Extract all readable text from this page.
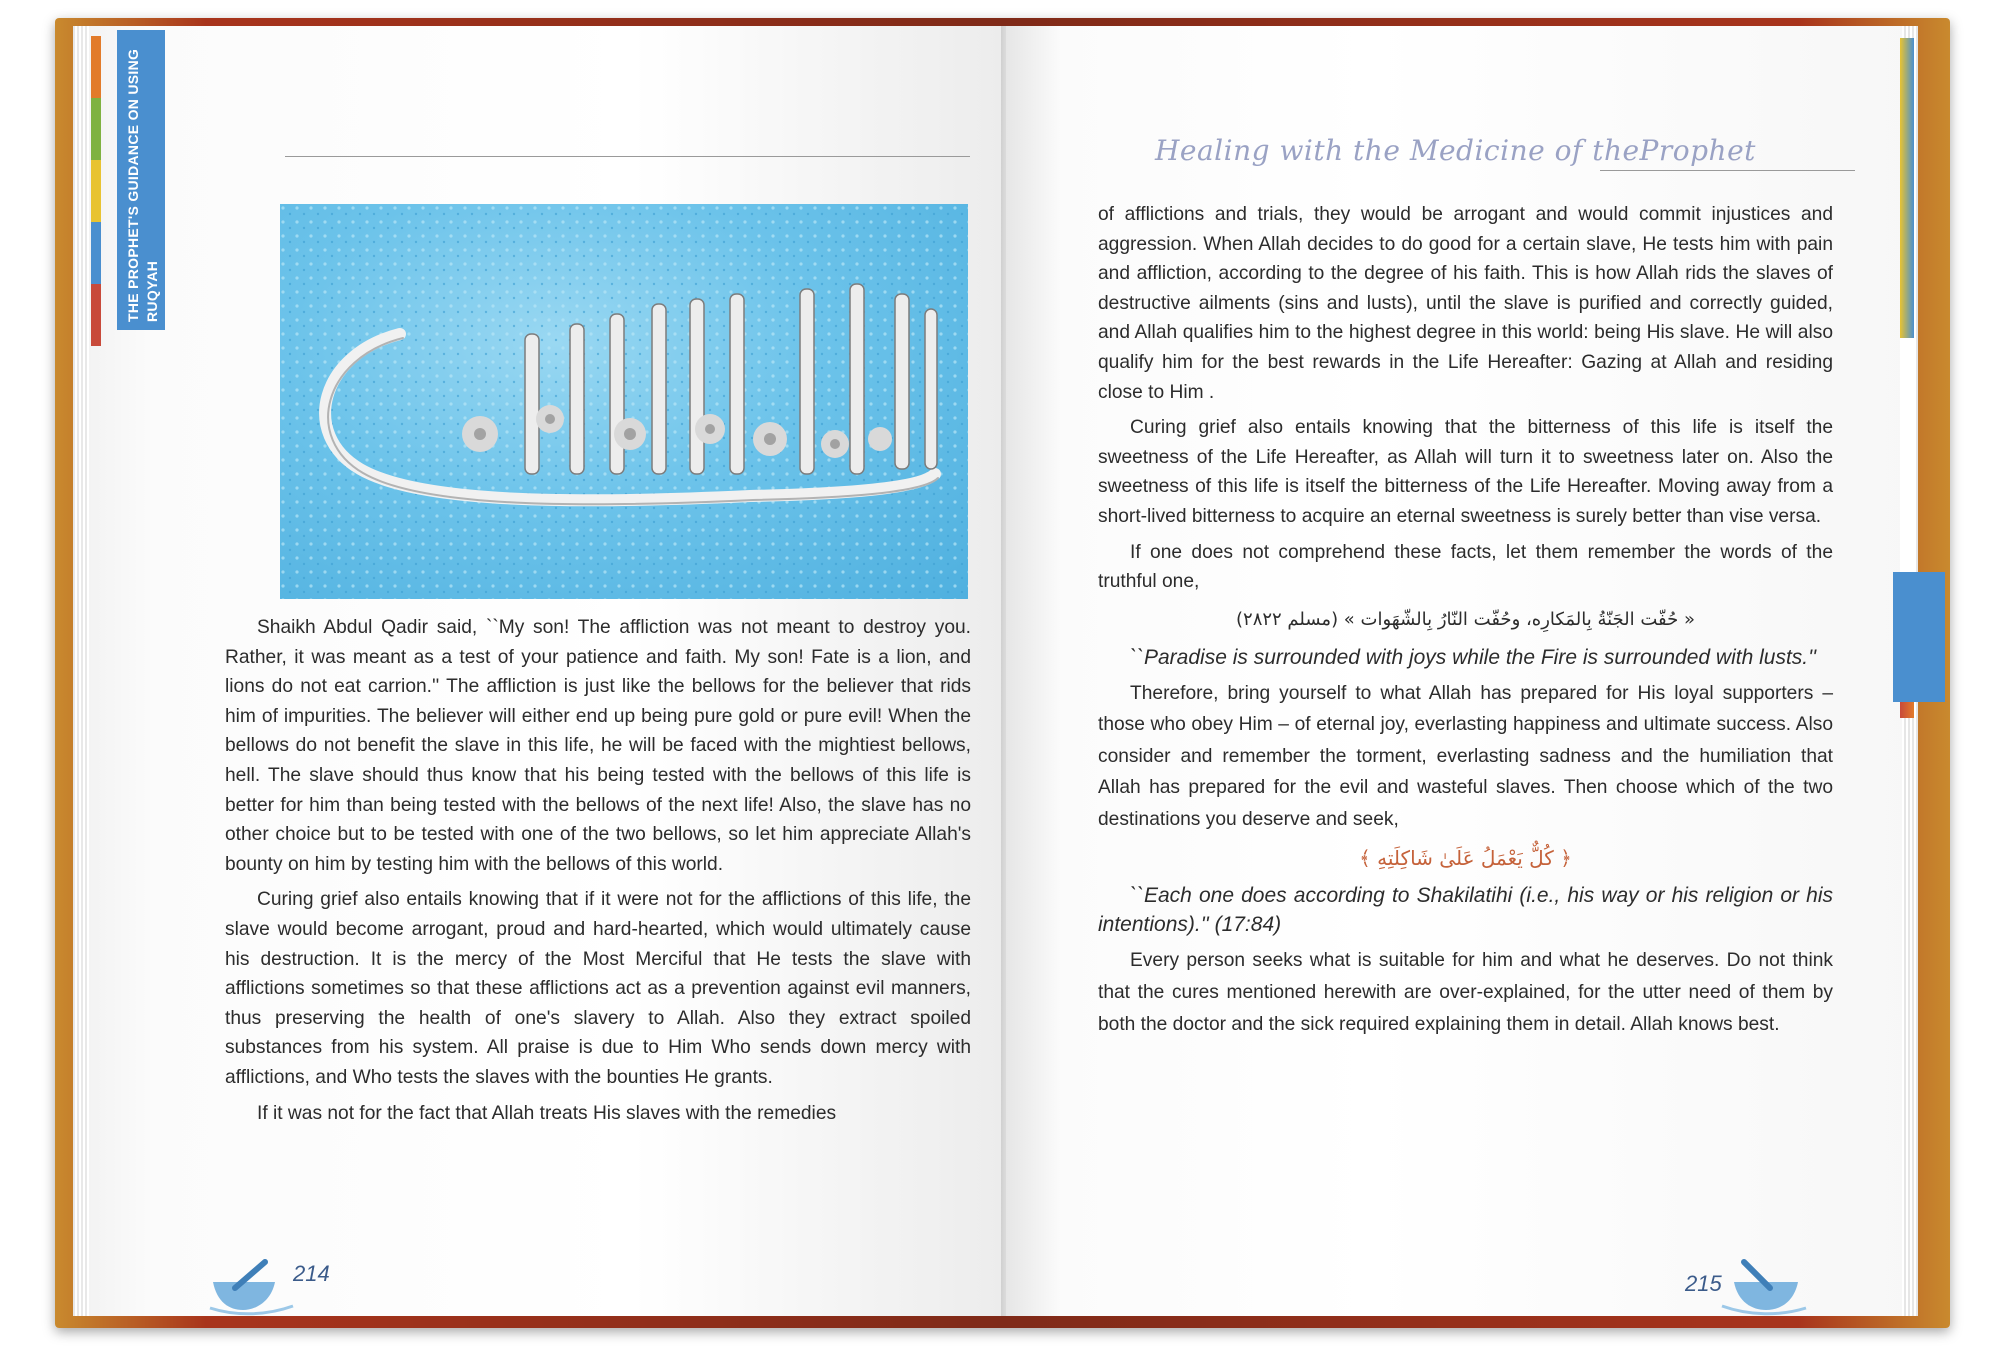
THE PROPHET'S GUIDANCE ON USING RUQYAH

Shaikh Abdul Qadir said, ``My son! The affliction was not meant to destroy you. Rather, it was meant as a test of your patience and faith. My son! Fate is a lion, and lions do not eat carrion.'' The affliction is just like the bellows for the believer that rids him of impurities. The believer will either end up being pure gold or pure evil! When the bellows do not benefit the slave in this life, he will be faced with the mightiest bellows, hell. The slave should thus know that his being tested with the bellows of this life is better for him than being tested with the bellows of the next life! Also, the slave has no other choice but to be tested with one of the two bellows, so let him appreciate Allah's bounty on him by testing him with the bellows of this world.

Curing grief also entails knowing that if it were not for the afflictions of this life, the slave would become arrogant, proud and hard-hearted, which would ultimately cause his destruction. It is the mercy of the Most Merciful that He tests the slave with afflictions sometimes so that these afflictions act as a prevention against evil manners, thus preserving the health of one's slavery to Allah. Also they extract spoiled substances from his system. All praise is due to Him Who sends down mercy with afflictions, and Who tests the slaves with the bounties He grants.

If it was not for the fact that Allah treats His slaves with the remedies

214
Healing with the Medicine of theProphet

of afflictions and trials, they would be arrogant and would commit injustices and aggression. When Allah decides to do good for a certain slave, He tests him with pain and affliction, according to the degree of his faith. This is how Allah rids the slaves of destructive ailments (sins and lusts), until the slave is purified and correctly guided, and Allah qualifies him to the highest degree in this world: being His slave. He will also qualify him for the best rewards in the Life Hereafter: Gazing at Allah and residing close to Him .

Curing grief also entails knowing that the bitterness of this life is itself the sweetness of the Life Hereafter, as Allah will turn it to sweetness later on. Also the sweetness of this life is itself the bitterness of the Life Hereafter. Moving away from a short-lived bitterness to acquire an eternal sweetness is surely better than vise versa.

If one does not comprehend these facts, let them remember the words of the truthful one,

« حُفّت الجَنّةُ بِالمَكارِه، وحُفّت النّارُ بِالشّهَوات » (مسلم ٢٨٢٢)

``Paradise is surrounded with joys while the Fire is surrounded with lusts.''

Therefore, bring yourself to what Allah has prepared for His loyal supporters – those who obey Him – of eternal joy, everlasting happiness and ultimate success. Also consider and remember the torment, everlasting sadness and the humiliation that Allah has prepared for the evil and wasteful slaves. Then choose which of the two destinations you deserve and seek,

﴿ كُلٌّ يَعْمَلُ عَلَىٰ شَاكِلَتِهِ ﴾

``Each one does according to Shakilatihi (i.e., his way or his religion or his intentions).'' (17:84)

Every person seeks what is suitable for him and what he deserves. Do not think that the cures mentioned herewith are over-explained, for the utter need of them by both the doctor and the sick required explaining them in detail. Allah knows best.

215
